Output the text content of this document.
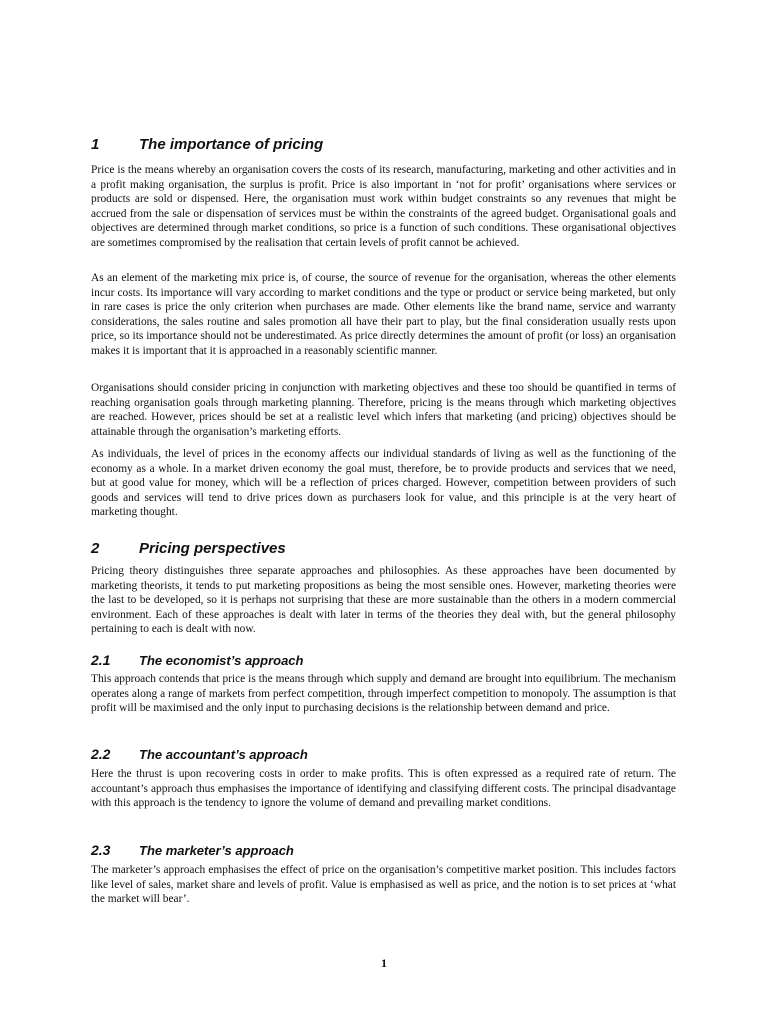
1	The importance of pricing

Price is the means whereby an organisation covers the costs of its research, manufacturing, marketing and other activities and in a profit making organisation, the surplus is profit. Price is also important in ‘not for profit’ organisations where services or products are sold or dispensed. Here, the organisation must work within budget constraints so any revenues that might be accrued from the sale or dispensation of services must be within the constraints of the agreed budget. Organisational goals and objectives are determined through market conditions, so price is a function of such conditions. These organisational objectives are sometimes compromised by the realisation that certain levels of profit cannot be achieved.

As an element of the marketing mix price is, of course, the source of revenue for the organisation, whereas the other elements incur costs. Its importance will vary according to market conditions and the type or product or service being marketed, but only in rare cases is price the only criterion when purchases are made. Other elements like the brand name, service and warranty considerations, the sales routine and sales promotion all have their part to play, but the final consideration usually rests upon price, so its importance should not be underestimated. As price directly determines the amount of profit (or loss) an organisation makes it is important that it is approached in a reasonably scientific manner.

Organisations should consider pricing in conjunction with marketing objectives and these too should be quantified in terms of reaching organisation goals through marketing planning. Therefore, pricing is the means through which marketing objectives are reached. However, prices should be set at a realistic level which infers that marketing (and pricing) objectives should be attainable through the organisation’s marketing efforts.

As individuals, the level of prices in the economy affects our individual standards of living as well as the functioning of the economy as a whole. In a market driven economy the goal must, therefore, be to provide products and services that we need, but at good value for money, which will be a reflection of prices charged. However, competition between providers of such goods and services will tend to drive prices down as purchasers look for value, and this principle is at the very heart of marketing thought.

2	Pricing perspectives

Pricing theory distinguishes three separate approaches and philosophies. As these approaches have been documented by marketing theorists, it tends to put marketing propositions as being the most sensible ones. However, marketing theories were the last to be developed, so it is perhaps not surprising that these are more sustainable than the others in a modern commercial environment. Each of these approaches is dealt with later in terms of the theories they deal with, but the general philosophy pertaining to each is dealt with now.

2.1 The economist’s approach

This approach contends that price is the means through which supply and demand are brought into equilibrium. The mechanism operates along a range of markets from perfect competition, through imperfect competition to monopoly. The assumption is that profit will be maximised and the only input to purchasing decisions is the relationship between demand and price.

2.2 The accountant’s approach

Here the thrust is upon recovering costs in order to make profits. This is often expressed as a required rate of return. The accountant’s approach thus emphasises the importance of identifying and classifying different costs. The principal disadvantage with this approach is the tendency to ignore the volume of demand and prevailing market conditions.

2.3 The marketer’s approach

The marketer’s approach emphasises the effect of price on the organisation’s competitive market position. This includes factors like level of sales, market share and levels of profit. Value is emphasised as well as price, and the notion is to set prices at ‘what the market will bear’.

1
